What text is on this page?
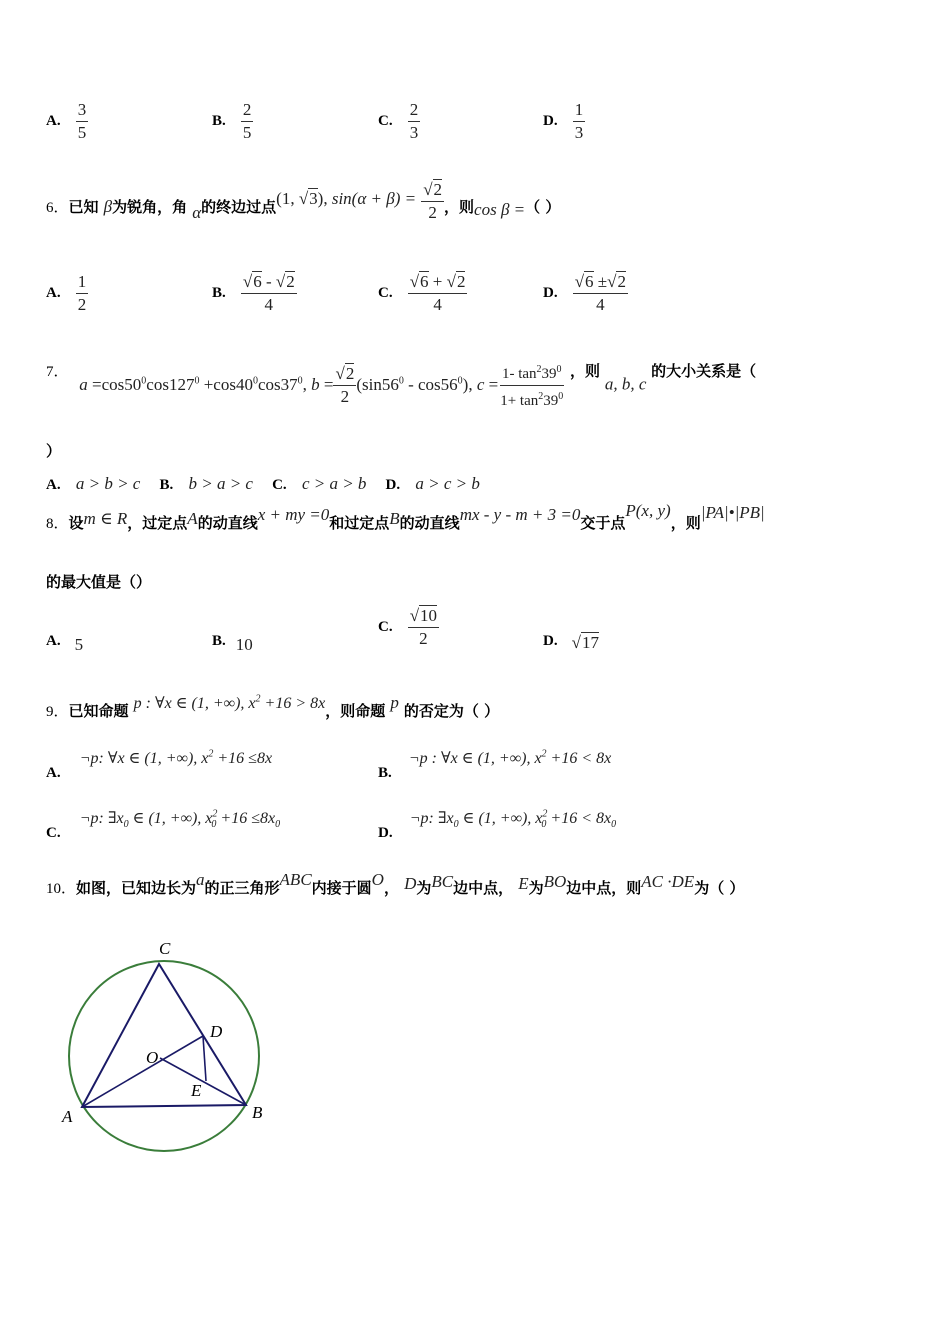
A. $\frac{3}{5}$	B. $\frac{2}{5}$	C. $\frac{2}{3}$	D. $\frac{1}{3}$
6．已知 β为锐角，角 α的终边过点(1, √3), $\sin(\alpha + \beta) = \frac{√2}{2}$ ，则cos β =（ ）
A. $\frac{1}{2}$	B. $\frac{√6 - √2}{4}$	C. $\frac{√6 + √2}{4}$	D. $\frac{√6 \pm√2}{4}$
7． $a =\cos 50^0\cos 127^0 +\cos 40^0\cos 37^0$, $b = \frac{√2}{2} (\sin 56^0 - \cos 56^0)$, $c = \frac{1- \tan^239^0}{1+ \tan^239^0}$ ，则 a, b, c 的大小关系是（
）
A. a > b > c B. b > a > c C. c > a > b D. a > c > b
8．设m ∈ R，过定点A的动直线x + my =0和过定点B的动直线mx - y - m + 3 =0交于点P(x, y)，则|PA|•|PB|
的最大值是（）
A. 5	B. 10
C. $\frac{√10}{2}$	D. √17
9．已知命题 p : ∀x ∈ (1, +∞), $x^2 +16 > 8x$，则命题 p 的否定为（ ）
A. ¬p: ∀x ∈ (1, +∞), $x^2 +16 \le 8x$
B. ¬p : ∀x ∈ (1, +∞), $x^2 +16 < 8x$
C. ¬p: $\exists x_0$ ∈ (1, +∞), $x^2_0 +16 \le 8x_0$
D. ¬p: $\exists x_0$ ∈ (1, +∞), $x^2_0 +16 < 8x_0$
10．如图，已知边长为a的正三角形ABC内接于圆O， D为BC边中点， E为BO边中点，则AC ·DE为（ ）
C
D
O
E
A	B
